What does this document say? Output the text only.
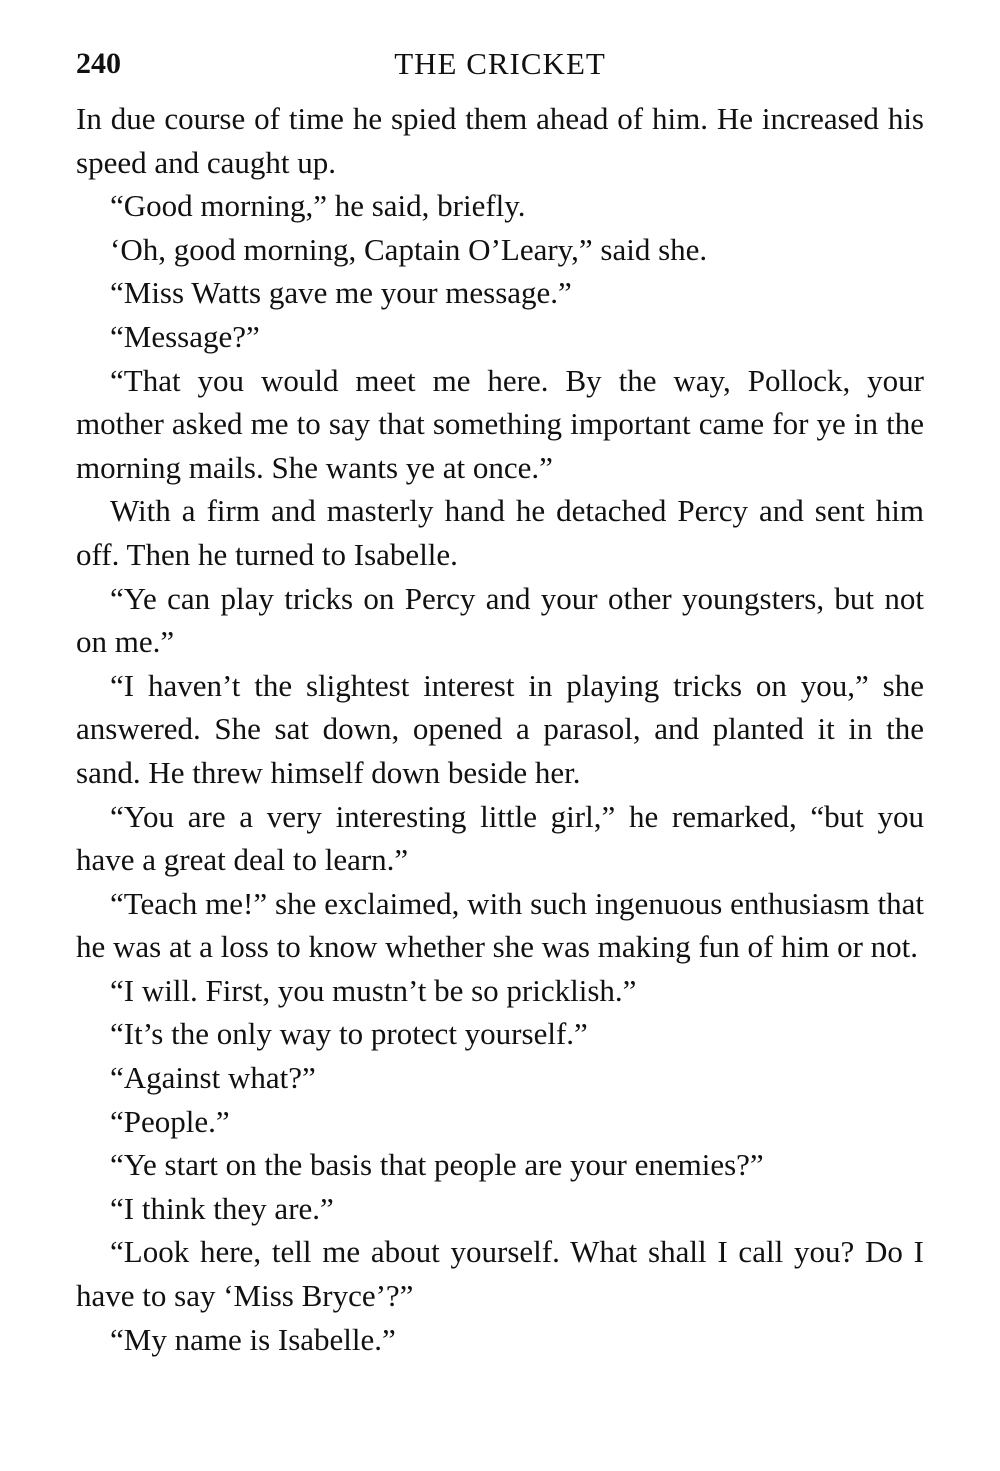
240	THE CRICKET

In due course of time he spied them ahead of him. He increased his speed and caught up.

“Good morning,” he said, briefly.

‘Oh, good morning, Captain O’Leary,” said she.

“Miss Watts gave me your message.”

“Message?”

“That you would meet me here. By the way, Pollock, your mother asked me to say that something important came for ye in the morning mails. She wants ye at once.”

With a firm and masterly hand he detached Percy and sent him off. Then he turned to Isabelle.

“Ye can play tricks on Percy and your other youngsters, but not on me.”

“I haven’t the slightest interest in playing tricks on you,” she answered. She sat down, opened a parasol, and planted it in the sand. He threw himself down beside her.

“You are a very interesting little girl,” he remarked, “but you have a great deal to learn.”

“Teach me!” she exclaimed, with such ingenuous enthusiasm that he was at a loss to know whether she was making fun of him or not.

“I will. First, you mustn’t be so pricklish.”

“It’s the only way to protect yourself.”

“Against what?”

“People.”

“Ye start on the basis that people are your enemies?”

“I think they are.”

“Look here, tell me about yourself. What shall I call you? Do I have to say ‘Miss Bryce’?”

“My name is Isabelle.”
